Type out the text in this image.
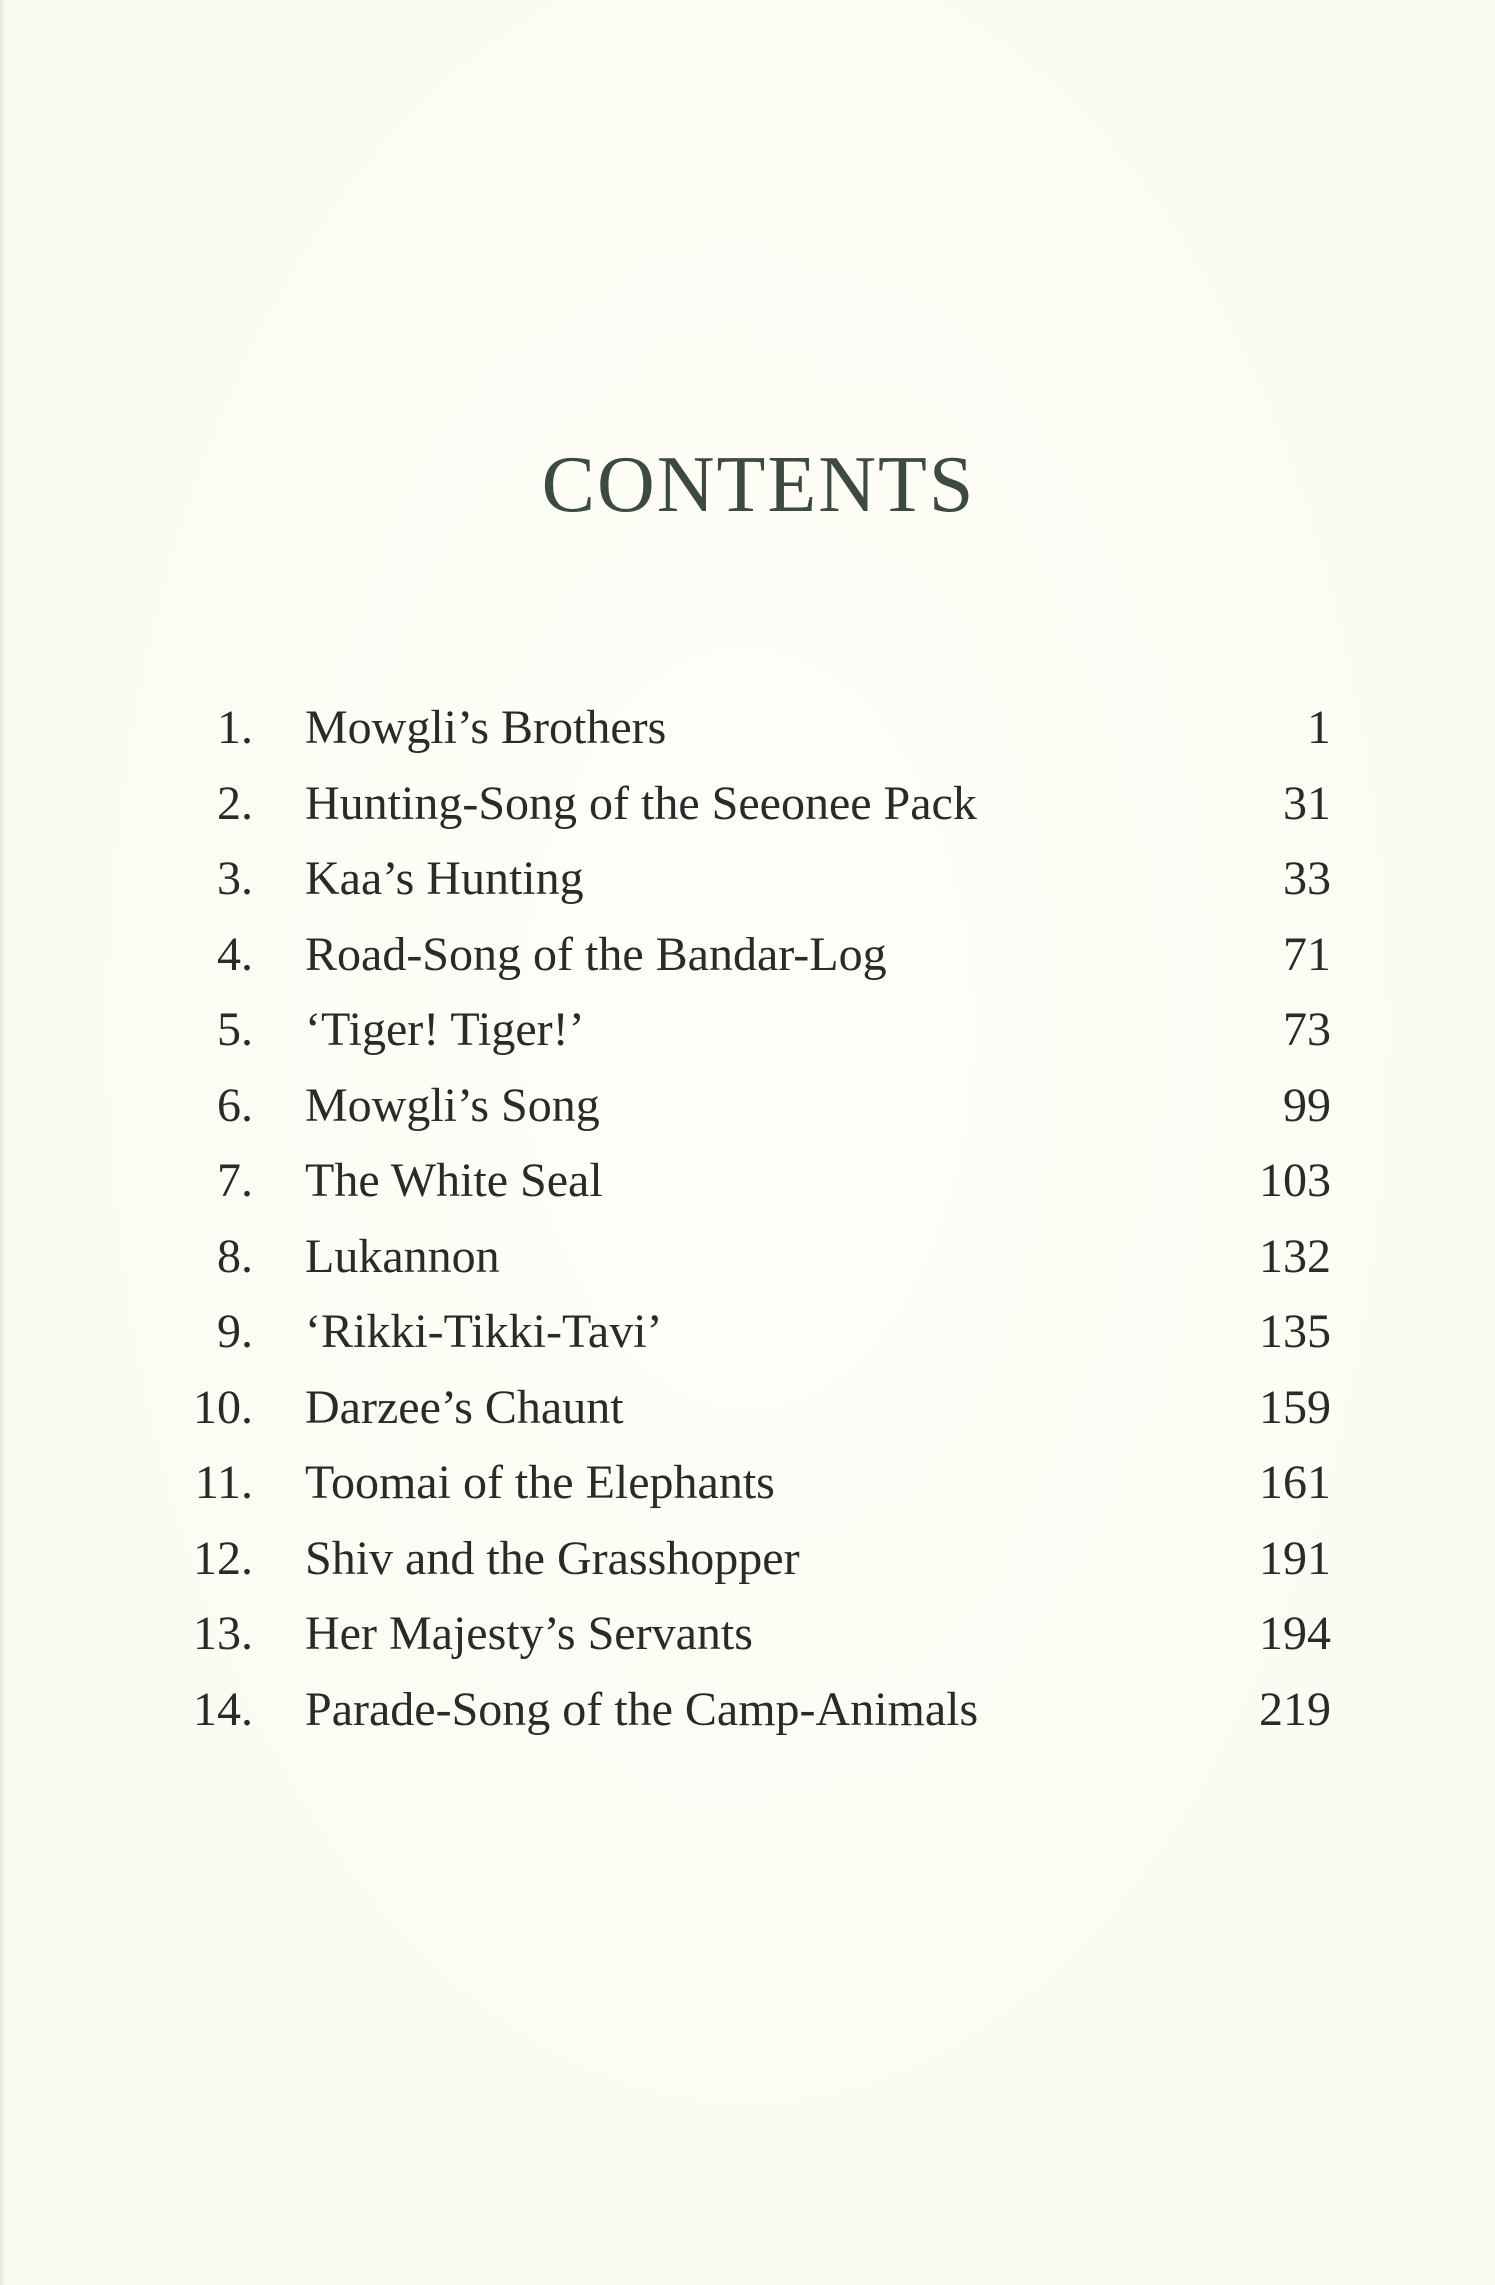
CONTENTS
1. Mowgli’s Brothers	1
2. Hunting-Song of the Seeonee Pack	31
3. Kaa’s Hunting	33
4. Road-Song of the Bandar-Log	71
5. ‘Tiger! Tiger!’	73
6. Mowgli’s Song	99
7. The White Seal	103
8. Lukannon	132
9. ‘Rikki-Tikki-Tavi’	135
10. Darzee’s Chaunt	159
11. Toomai of the Elephants	161
12. Shiv and the Grasshopper	191
13. Her Majesty’s Servants	194
14. Parade-Song of the Camp-Animals	219
